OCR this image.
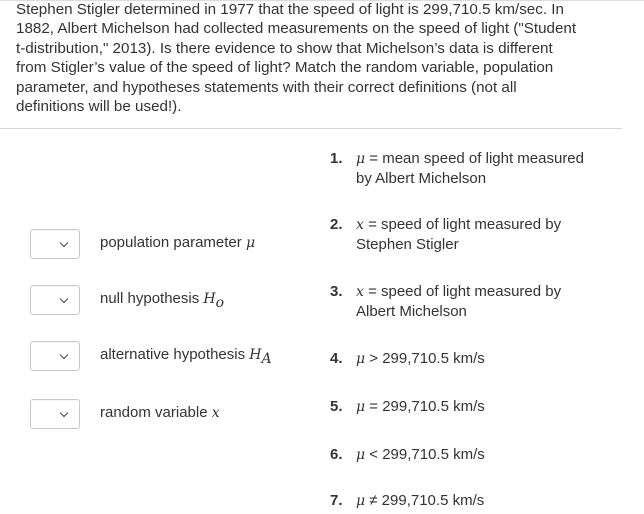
Stephen Stigler determined in 1977 that the speed of light is 299,710.5 km/sec. In
1882, Albert Michelson had collected measurements on the speed of light ("Student
t-distribution," 2013). Is there evidence to show that Michelson’s data is different
from Stigler’s value of the speed of light? Match the random variable, population
parameter, and hypotheses statements with their correct definitions (not all
definitions will be used!).

population parameter μ
null hypothesis $H_o$
alternative hypothesis $H_A$
random variable x
1. μ = mean speed of light measured
by Albert Michelson
2. x = speed of light measured by
Stephen Stigler
3. x = speed of light measured by
Albert Michelson
4. μ > 299,710.5 km/s
5. μ = 299,710.5 km/s
6. μ < 299,710.5 km/s
7. μ ≠ 299,710.5 km/s
